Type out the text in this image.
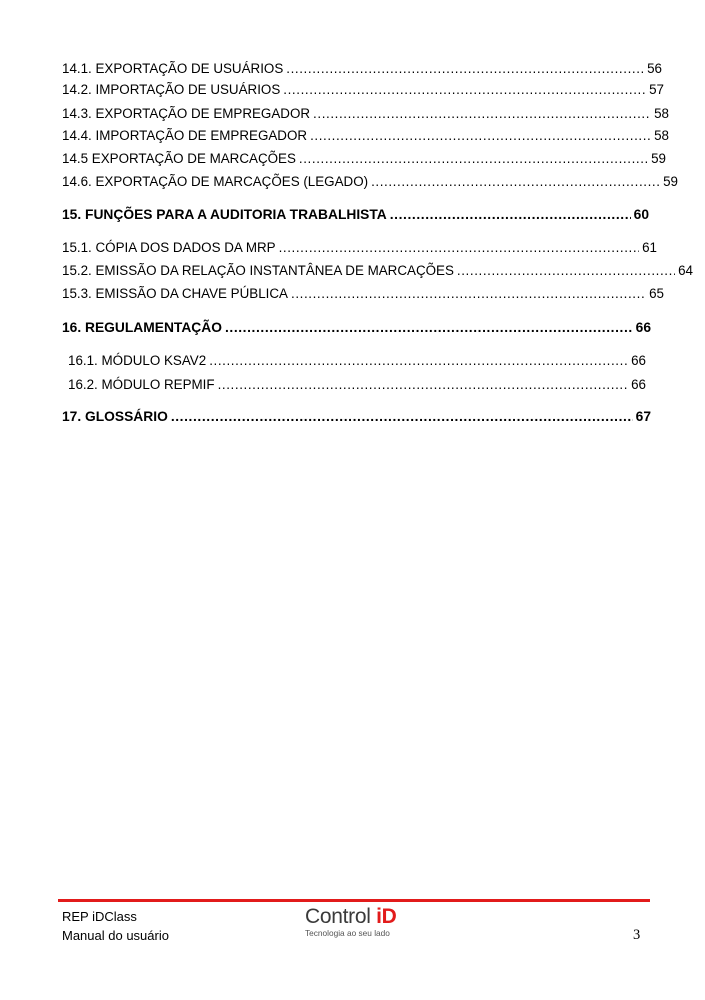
14.1. EXPORTAÇÃO DE USUÁRIOS .....	56
14.2. IMPORTAÇÃO DE USUÁRIOS .....	57
14.3. EXPORTAÇÃO DE EMPREGADOR .....	58
14.4. IMPORTAÇÃO DE EMPREGADOR .....	58
14.5 EXPORTAÇÃO DE MARCAÇÕES .....	59
14.6. EXPORTAÇÃO DE MARCAÇÕES (LEGADO) .....	59
15. FUNÇÕES PARA A AUDITORIA TRABALHISTA .....	60
15.1. CÓPIA DOS DADOS DA MRP .....	61
15.2. EMISSÃO DA RELAÇÃO INSTANTÂNEA DE MARCAÇÕES .....	64
15.3. EMISSÃO DA CHAVE PÚBLICA .....	65
16. REGULAMENTAÇÃO .....	66
16.1. MÓDULO KSAV2 .....	66
16.2. MÓDULO REPMIF .....	66
17. GLOSSÁRIO .....	67
REP iDClass
Manual do usuário
Control iD
Tecnologia ao seu lado	3
